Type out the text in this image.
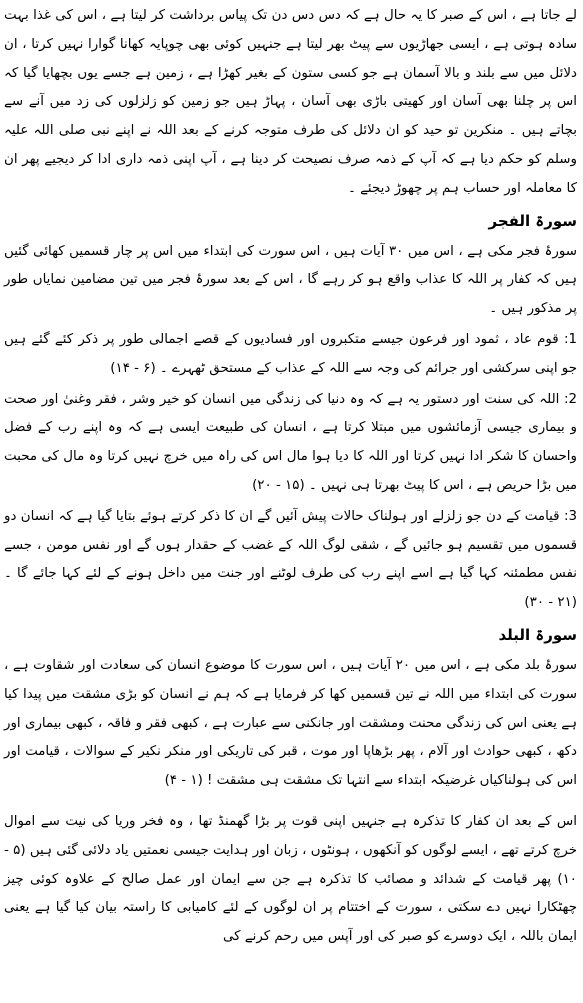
لے جاتا ہے ، اس کے صبر کا یہ حال ہے کہ دس دس دن تک پیاس برداشت کر لیتا ہے ، اس کی غذا بہت سادہ ہوتی ہے ، ایسی جھاڑیوں سے پیٹ بھر لیتا ہے جنہیں کوئی بھی چوپایہ کھانا گوارا نہیں کرتا ، ان دلائل میں سے بلند و بالا آسمان ہے جو کسی ستون کے بغیر کھڑا ہے ، زمین ہے جسے یوں بچھایا گیا کہ اس پر چلنا بھی آسان اور کھیتی باڑی بھی آسان ، پہاڑ ہیں جو زمین کو زلزلوں کی زد میں آنے سے بچاتے ہیں ۔ منکرین تو حید کو ان دلائل کی طرف متوجہ کرنے کے بعد اللہ نے اپنے نبی صلی اللہ علیہ وسلم کو حکم دیا ہے کہ آپ کے ذمہ صرف نصیحت کر دینا ہے ، آپ اپنی ذمہ داری ادا کر دیجیے پھر ان کا معاملہ اور حساب ہم پر چھوڑ دیجئے ۔

سورۃ الفجر

سورۂ فجر مکی ہے ، اس میں ۳۰ آیات ہیں ، اس سورت کی ابتداء میں اس پر چار قسمیں کھائی گئیں ہیں کہ کفار پر اللہ کا عذاب واقع ہو کر رہے گا ، اس کے بعد سورۂ فجر میں تین مضامین نمایاں طور پر مذکور ہیں ۔

1: قوم عاد ، ثمود اور فرعون جیسے متکبروں اور فسادیوں کے قصے اجمالی طور پر ذکر کئے گئے ہیں جو اپنی سرکشی اور جرائم کی وجہ سے اللہ کے عذاب کے مستحق ٹھہرے ۔ (۶ - ۱۴)

2: اللہ کی سنت اور دستور یہ ہے کہ وہ دنیا کی زندگی میں انسان کو خیر وشر ، فقر وغنیٰ اور صحت و بیماری جیسی آزمائشوں میں مبتلا کرتا ہے ، انسان کی طبیعت ایسی ہے کہ وہ اپنے رب کے فضل واحسان کا شکر ادا نہیں کرتا اور اللہ کا دیا ہوا مال اس کی راہ میں خرچ نہیں کرتا وہ مال کی محبت میں بڑا حریص ہے ، اس کا پیٹ بھرتا ہی نہیں ۔ (۱۵ - ۲۰)

3: قیامت کے دن جو زلزلے اور ہولناک حالات پیش آئیں گے ان کا ذکر کرتے ہوئے بتایا گیا ہے کہ انسان دو قسموں میں تقسیم ہو جائیں گے ، شقی لوگ اللہ کے غضب کے حقدار ہوں گے اور نفس مومن ، جسے نفس مطمئنہ کہا گیا ہے اسے اپنے رب کی طرف لوٹنے اور جنت میں داخل ہونے کے لئے کہا جائے گا ۔ (۲۱ - ۳۰)

سورۃ البلد

سورۂ بلد مکی ہے ، اس میں ۲۰ آیات ہیں ، اس سورت کا موضوع انسان کی سعادت اور شقاوت ہے ، سورت کی ابتداء میں اللہ نے تین قسمیں کھا کر فرمایا ہے کہ ہم نے انسان کو بڑی مشقت میں پیدا کیا ہے یعنی اس کی زندگی محنت ومشقت اور جانکنی سے عبارت ہے ، کبھی فقر و فاقہ ، کبھی بیماری اور دکھ ، کبھی حوادث اور آلام ، پھر بڑھاپا اور موت ، قبر کی تاریکی اور منکر نکیر کے سوالات ، قیامت اور اس کی ہولناکیاں غرضیکہ ابتداء سے انتہا تک مشقت ہی مشقت ! (۱ - ۴)

اس کے بعد ان کفار کا تذکرہ ہے جنہیں اپنی قوت پر بڑا گھمنڈ تھا ، وہ فخر وریا کی نیت سے اموال خرچ کرتے تھے ، ایسے لوگوں کو آنکھوں ، ہونٹوں ، زبان اور ہدایت جیسی نعمتیں یاد دلائی گئی ہیں (۵ - ۱۰) پھر قیامت کے شدائد و مصائب کا تذکرہ ہے جن سے ایمان اور عمل صالح کے علاوہ کوئی چیز چھٹکارا نہیں دے سکتی ، سورت کے اختتام پر ان لوگوں کے لئے کامیابی کا راستہ بیان کیا گیا ہے یعنی ایمان باللہ ، ایک دوسرے کو صبر کی اور آپس میں رحم کرنے کی
